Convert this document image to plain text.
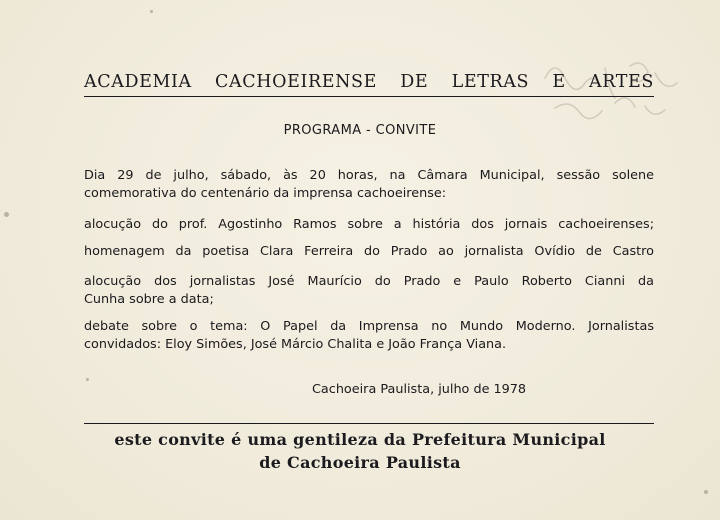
ACADEMIA CACHOEIRENSE DE LETRAS E ARTES
PROGRAMA - CONVITE
Dia 29 de julho, sábado, às 20 horas, na Câmara Municipal, sessão solene
comemorativa do centenário da imprensa cachoeirense:
alocução do prof. Agostinho Ramos sobre a história dos jornais cachoeirenses;
homenagem da poetisa Clara Ferreira do Prado ao jornalista Ovídio de Castro
alocução dos jornalistas José Maurício do Prado e Paulo Roberto Cianni da
Cunha sobre a data;
debate sobre o tema: O Papel da Imprensa no Mundo Moderno. Jornalistas
convidados: Eloy Simões, José Márcio Chalita e João França Viana.
Cachoeira Paulista, julho de 1978
este convite é uma gentileza da Prefeitura Municipal
de Cachoeira Paulista
